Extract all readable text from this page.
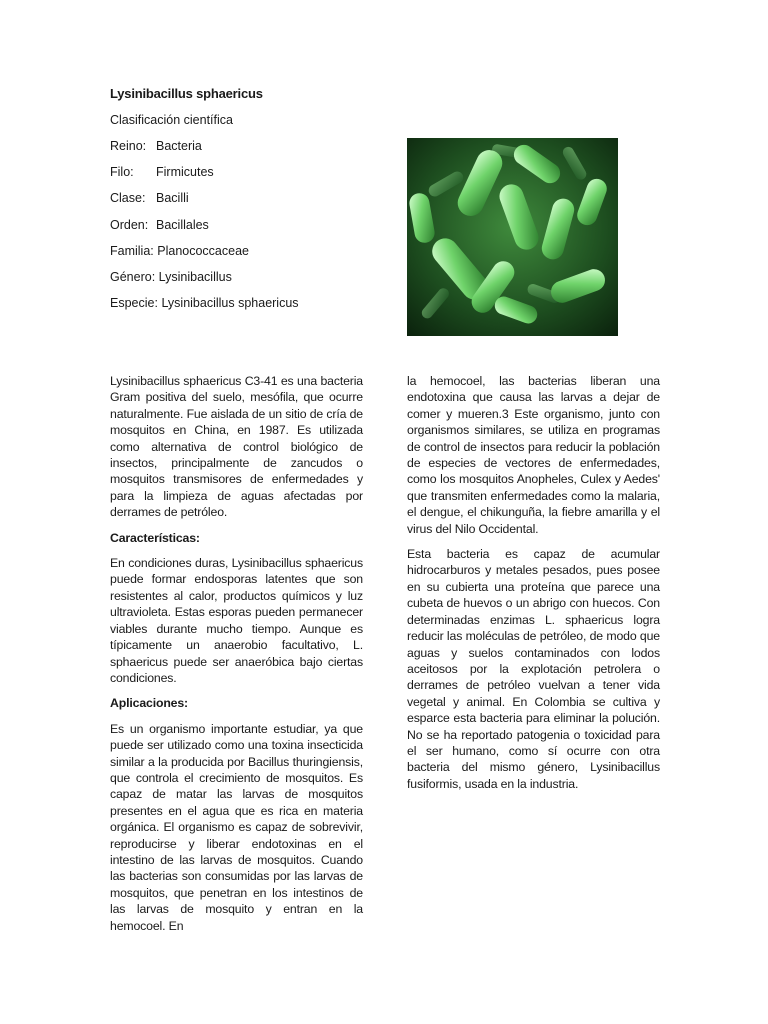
Lysinibacillus sphaericus
Clasificación científica
Reino: Bacteria
Filo: Firmicutes
Clase: Bacilli
Orden: Bacillales
Familia: Planococcaceae
Género: Lysinibacillus
Especie: Lysinibacillus sphaericus

Lysinibacillus sphaericus C3-41 es una bacteria Gram positiva del suelo, mesófila, que ocurre naturalmente. Fue aislada de un sitio de cría de mosquitos en China, en 1987. Es utilizada como alternativa de control biológico de insectos, principalmente de zancudos o mosquitos transmisores de enfermedades y para la limpieza de aguas afectadas por derrames de petróleo.

Características:

En condiciones duras, Lysinibacillus sphaericus puede formar endosporas latentes que son resistentes al calor, productos químicos y luz ultravioleta. Estas esporas pueden permanecer viables durante mucho tiempo. Aunque es típicamente un anaerobio facultativo, L. sphaericus puede ser anaeróbica bajo ciertas condiciones.

Aplicaciones:

Es un organismo importante estudiar, ya que puede ser utilizado como una toxina insecticida similar a la producida por Bacillus thuringiensis, que controla el crecimiento de mosquitos. Es capaz de matar las larvas de mosquitos presentes en el agua que es rica en materia orgánica. El organismo es capaz de sobrevivir, reproducirse y liberar endotoxinas en el intestino de las larvas de mosquitos. Cuando las bacterias son consumidas por las larvas de mosquitos, que penetran en los intestinos de las larvas de mosquito y entran en la hemocoel. En

la hemocoel, las bacterias liberan una endotoxina que causa las larvas a dejar de comer y mueren.3 Este organismo, junto con organismos similares, se utiliza en programas de control de insectos para reducir la población de especies de vectores de enfermedades, como los mosquitos Anopheles, Culex y Aedes' que transmiten enfermedades como la malaria, el dengue, el chikunguña, la fiebre amarilla y el virus del Nilo Occidental.

Esta bacteria es capaz de acumular hidrocarburos y metales pesados, pues posee en su cubierta una proteína que parece una cubeta de huevos o un abrigo con huecos. Con determinadas enzimas L. sphaericus logra reducir las moléculas de petróleo, de modo que aguas y suelos contaminados con lodos aceitosos por la explotación petrolera o derrames de petróleo vuelvan a tener vida vegetal y animal. En Colombia se cultiva y esparce esta bacteria para eliminar la polución. No se ha reportado patogenia o toxicidad para el ser humano, como sí ocurre con otra bacteria del mismo género, Lysinibacillus fusiformis, usada en la industria.
